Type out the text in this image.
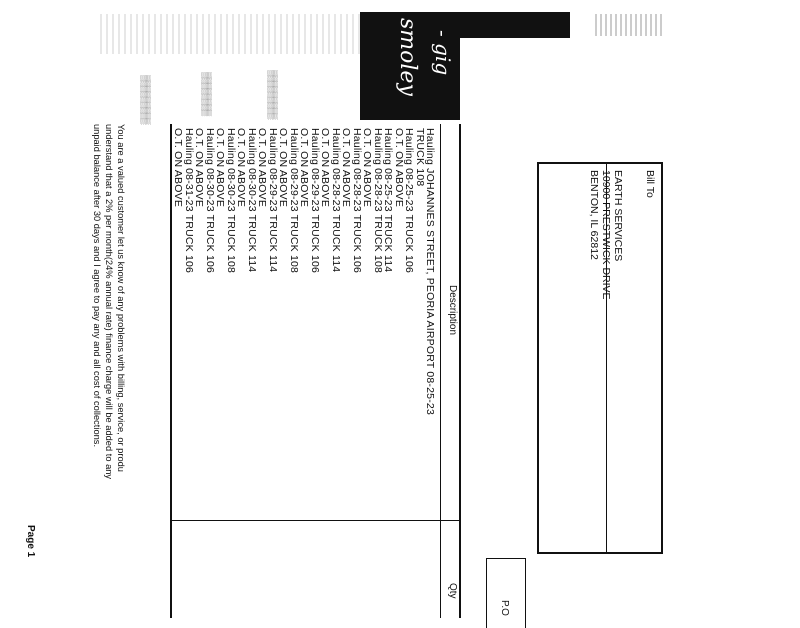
- gig
smoley
▒▒▒▒▒▒▒▒▒
▒▒▒▒▒▒▒▒
▒▒▒▒▒▒▒▒▒
Bill To
EARTH SERVICES
10900 PRESTWICK DRIVE
BENTON, IL 62812
P.O
Description
Qty
Hauling JOHANNES STREET, PEORIA AIRPORT 08-25-23
TRUCK 108
Hauling 08-25-23 TRUCK 106
O.T. ON ABOVE
Hauling 08-25-23 TRUCK 114
Hauling 08-28-23 TRUCK 108
O.T. ON ABOVE
Hauling 08-28-23 TRUCK 106
O.T. ON ABOVE
Hauling 08-28-23 TRUCK 114
O.T. ON ABOVE
Hauling 08-29-23 TRUCK 106
O.T. ON ABOVE
Hauling 08-29-23 TRUCK 108
O.T. ON ABOVE
Hauling 08-29-23 TRUCK 114
O.T. ON ABOVE
Hauling 08-30-23 TRUCK 114
O.T. ON ABOVE
Hauling 08-30-23 TRUCK 108
O.T. ON ABOVE
Hauling 08-30-23 TRUCK 106
O.T. ON ABOVE
Hauling 08-31-23 TRUCK 106
O.T. ON ABOVE
You are a valued customer let us know of any problems with billing, service, or produ
understand that a 2% per month(24% annual rate) finance charge will be added to any
unpaid balance after 30 days and I agree to pay any and all cost of collections.
Page 1
